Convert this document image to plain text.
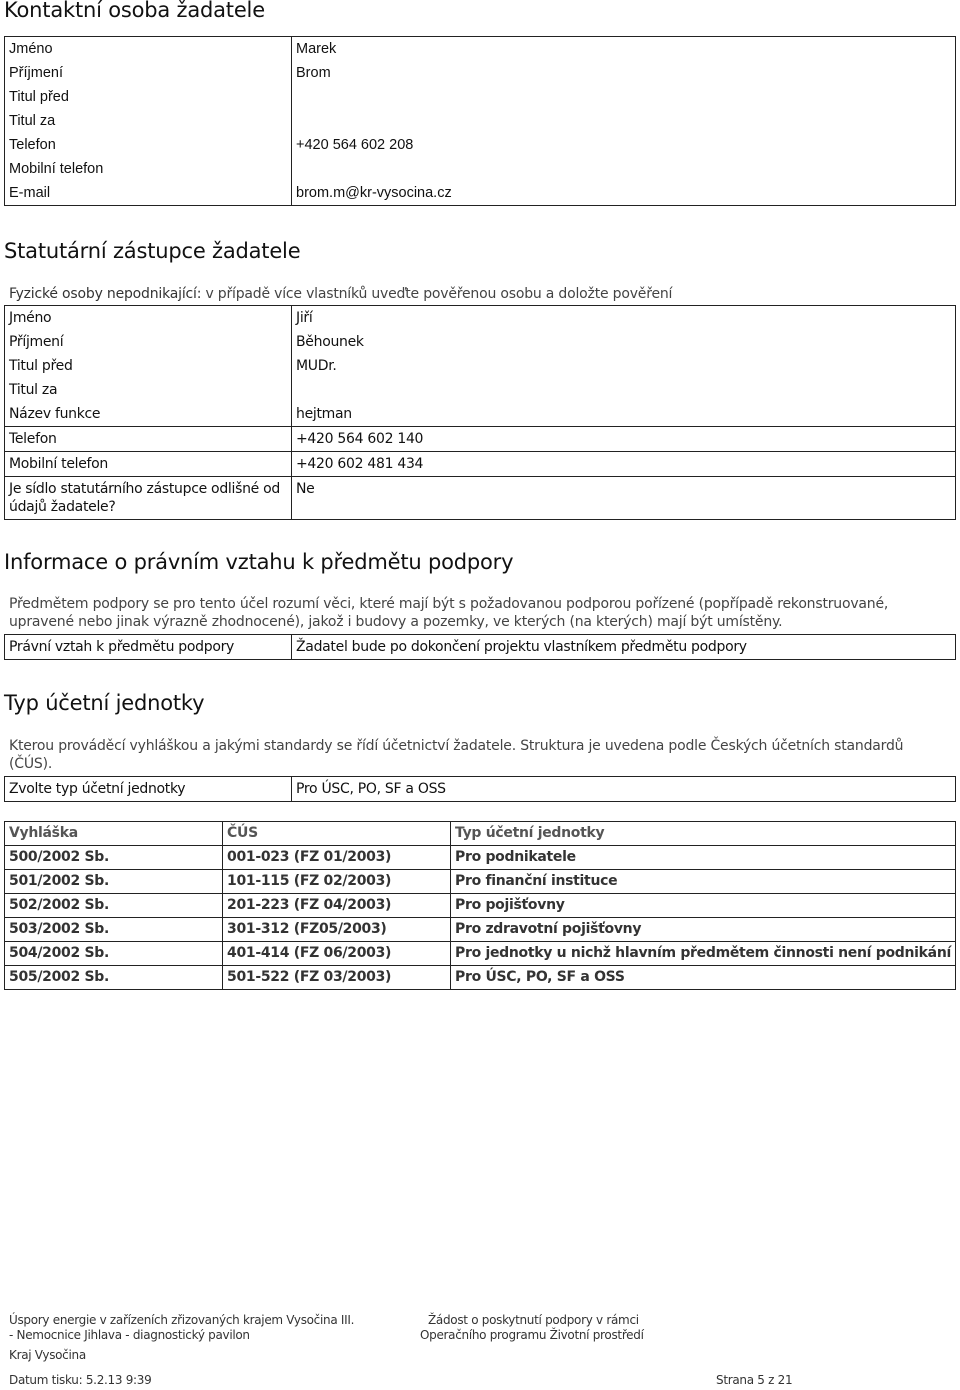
Kontaktní osoba žadatele
Jméno	Marek
Příjmení	Brom
Titul před	
Titul za	
Telefon	+420 564 602 208
Mobilní telefon	
E-mail	brom.m@kr-vysocina.cz
Statutární zástupce žadatele
Fyzické osoby nepodnikající: v případě více vlastníků uveďte pověřenou osobu a doložte pověření
Jméno	Jiří
Příjmení	Běhounek
Titul před	MUDr.
Titul za	
Název funkce	hejtman
Telefon	+420 564 602 140
Mobilní telefon	+420 602 481 434
Je sídlo statutárního zástupce odlišné od údajů žadatele?	Ne
Informace o právním vztahu k předmětu podpory
Předmětem podpory se pro tento účel rozumí věci, které mají být s požadovanou podporou pořízené (popřípadě rekonstruované, upravené nebo jinak výrazně zhodnocené), jakož i budovy a pozemky, ve kterých (na kterých) mají být umístěny.
Právní vztah k předmětu podpory	Žadatel bude po dokončení projektu vlastníkem předmětu podpory
Typ účetní jednotky
Kterou prováděcí vyhláškou a jakými standardy se řídí účetnictví žadatele. Struktura je uvedena podle Českých účetních standardů (ČÚS).
Zvolte typ účetní jednotky	Pro ÚSC, PO, SF a OSS
Vyhláška	ČÚS	Typ účetní jednotky
500/2002 Sb.	001-023 (FZ 01/2003)	Pro podnikatele
501/2002 Sb.	101-115 (FZ 02/2003)	Pro finanční instituce
502/2002 Sb.	201-223 (FZ 04/2003)	Pro pojišťovny
503/2002 Sb.	301-312 (FZ05/2003)	Pro zdravotní pojišťovny
504/2002 Sb.	401-414 (FZ 06/2003)	Pro jednotky u nichž hlavním předmětem činnosti není podnikání
505/2002 Sb.	501-522 (FZ 03/2003)	Pro ÚSC, PO, SF a OSS
Úspory energie v zařízeních zřizovaných krajem Vysočina III.
- Nemocnice Jihlava - diagnostický pavilon
Kraj Vysočina
Žádost o poskytnutí podpory v rámci
Operačního programu Životní prostředí
Datum tisku: 5.2.13 9:39	Strana 5 z 21
